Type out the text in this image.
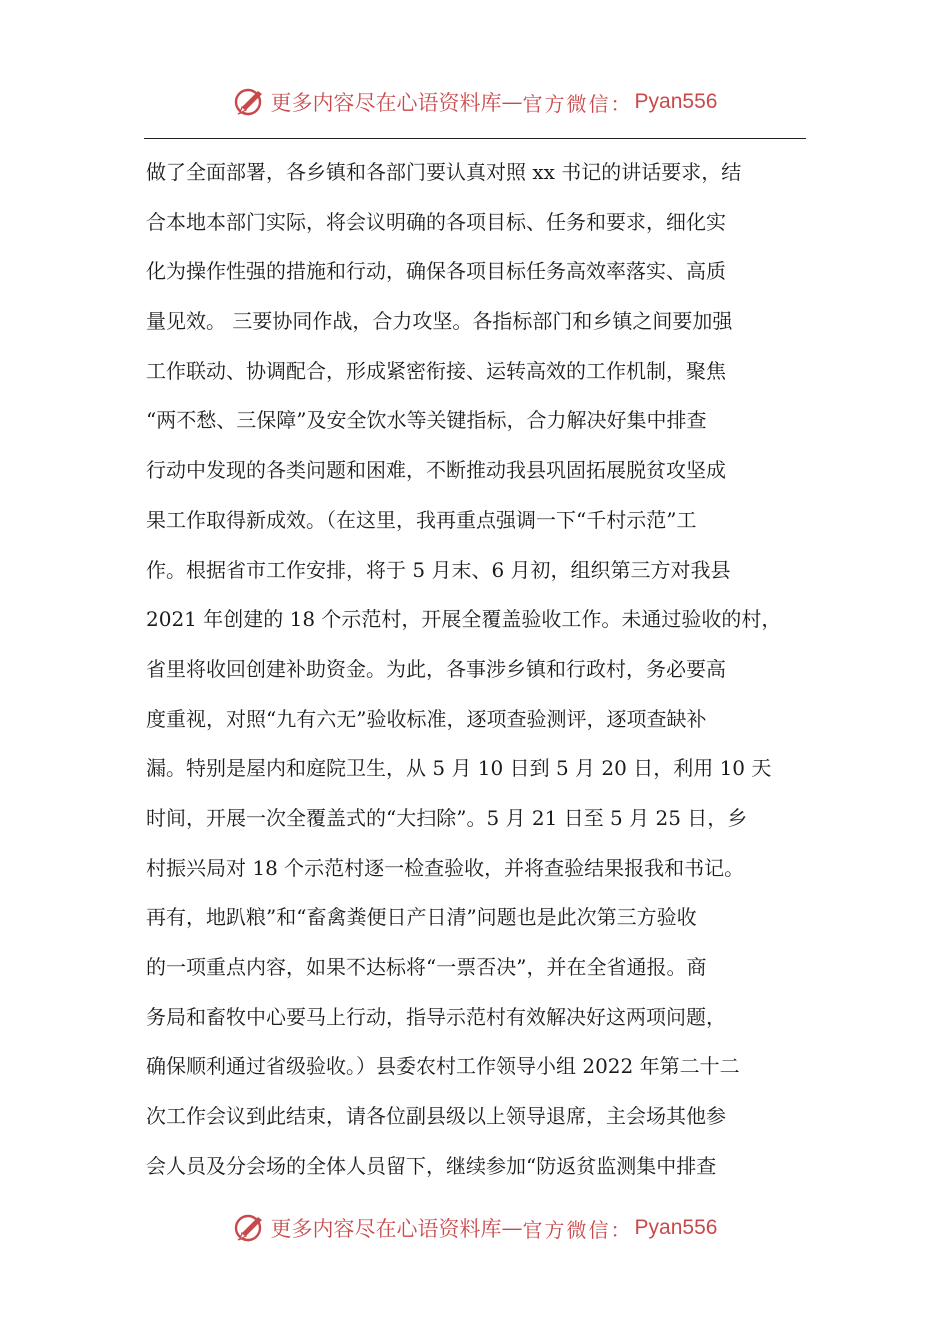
更多内容尽在心语资料库 — 官方微信： Pyan556
做了全面部署，各乡镇和各部门要认真对照 xx 书记的讲话要求，结
合本地本部门实际，将会议明确的各项目标、任务和要求，细化实
化为操作性强的措施和行动，确保各项目标任务高效率落实、高质
量见效。 三要协同作战，合力攻坚。各指标部门和乡镇之间要加强
工作联动、协调配合，形成紧密衔接、运转高效的工作机制，聚焦
“两不愁、三保障”及安全饮水等关键指标，合力解决好集中排查
行动中发现的各类问题和困难，不断推动我县巩固拓展脱贫攻坚成
果工作取得新成效。（在这里，我再重点强调一下“千村示范”工
作。根据省市工作安排，将于 5 月末、6 月初，组织第三方对我县
2021 年创建的 18 个示范村，开展全覆盖验收工作。未通过验收的村，
省里将收回创建补助资金。为此，各事涉乡镇和行政村，务必要高
度重视，对照“九有六无”验收标准，逐项查验测评，逐项查缺补
漏。特别是屋内和庭院卫生，从 5 月 10 日到 5 月 20 日，利用 10 天
时间，开展一次全覆盖式的“大扫除”。5 月 21 日至 5 月 25 日，乡
村振兴局对 18 个示范村逐一检查验收，并将查验结果报我和书记。
再有，地趴粮”和“畜禽粪便日产日清”问题也是此次第三方验收
的一项重点内容，如果不达标将“一票否决”，并在全省通报。商
务局和畜牧中心要马上行动，指导示范村有效解决好这两项问题，
确保顺利通过省级验收。）县委农村工作领导小组 2022 年第二十二
次工作会议到此结束，请各位副县级以上领导退席，主会场其他参
会人员及分会场的全体人员留下，继续参加“防返贫监测集中排查
更多内容尽在心语资料库 — 官方微信： Pyan556
